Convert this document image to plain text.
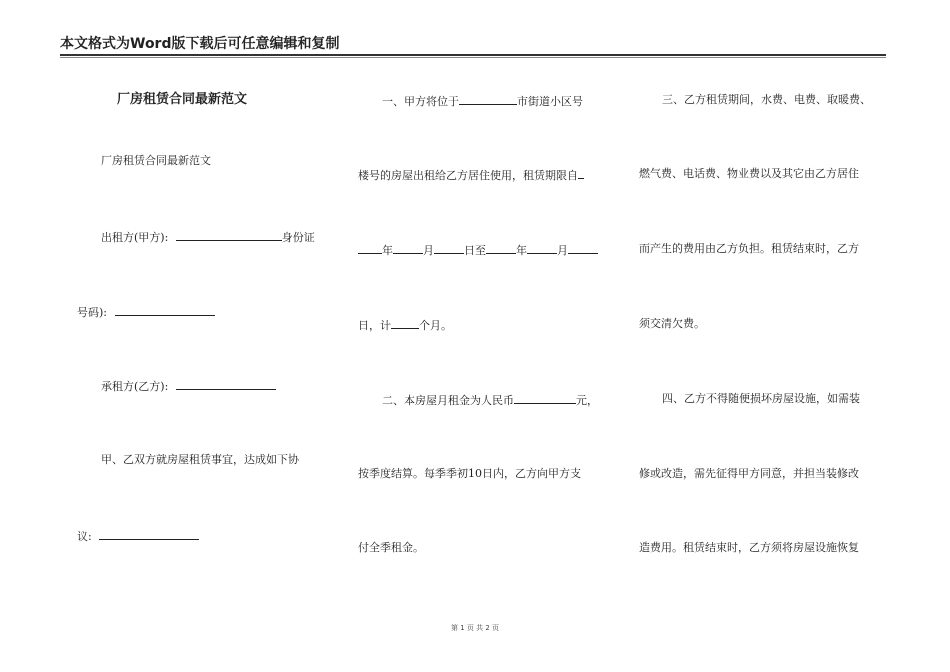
本文格式为Word版下载后可任意编辑和复制
厂房租赁合同最新范文
厂房租赁合同最新范文
出租方(甲方):	身份证
号码):
承租方(乙方):
甲、乙双方就房屋租赁事宜，达成如下协
议:
一、甲方将位于	市街道小区号
楼号的房屋出租给乙方居住使用，租赁期限自
年	月	日至	年	月
日，计	个月。
二、本房屋月租金为人民币	元，
按季度结算。每季季初10日内，乙方向甲方支
付全季租金。
三、乙方租赁期间，水费、电费、取暖费、
燃气费、电话费、物业费以及其它由乙方居住
而产生的费用由乙方负担。租赁结束时，乙方
须交清欠费。
四、乙方不得随便损坏房屋设施，如需装
修或改造，需先征得甲方同意，并担当装修改
造费用。租赁结束时，乙方须将房屋设施恢复
第 1 页 共 2 页
